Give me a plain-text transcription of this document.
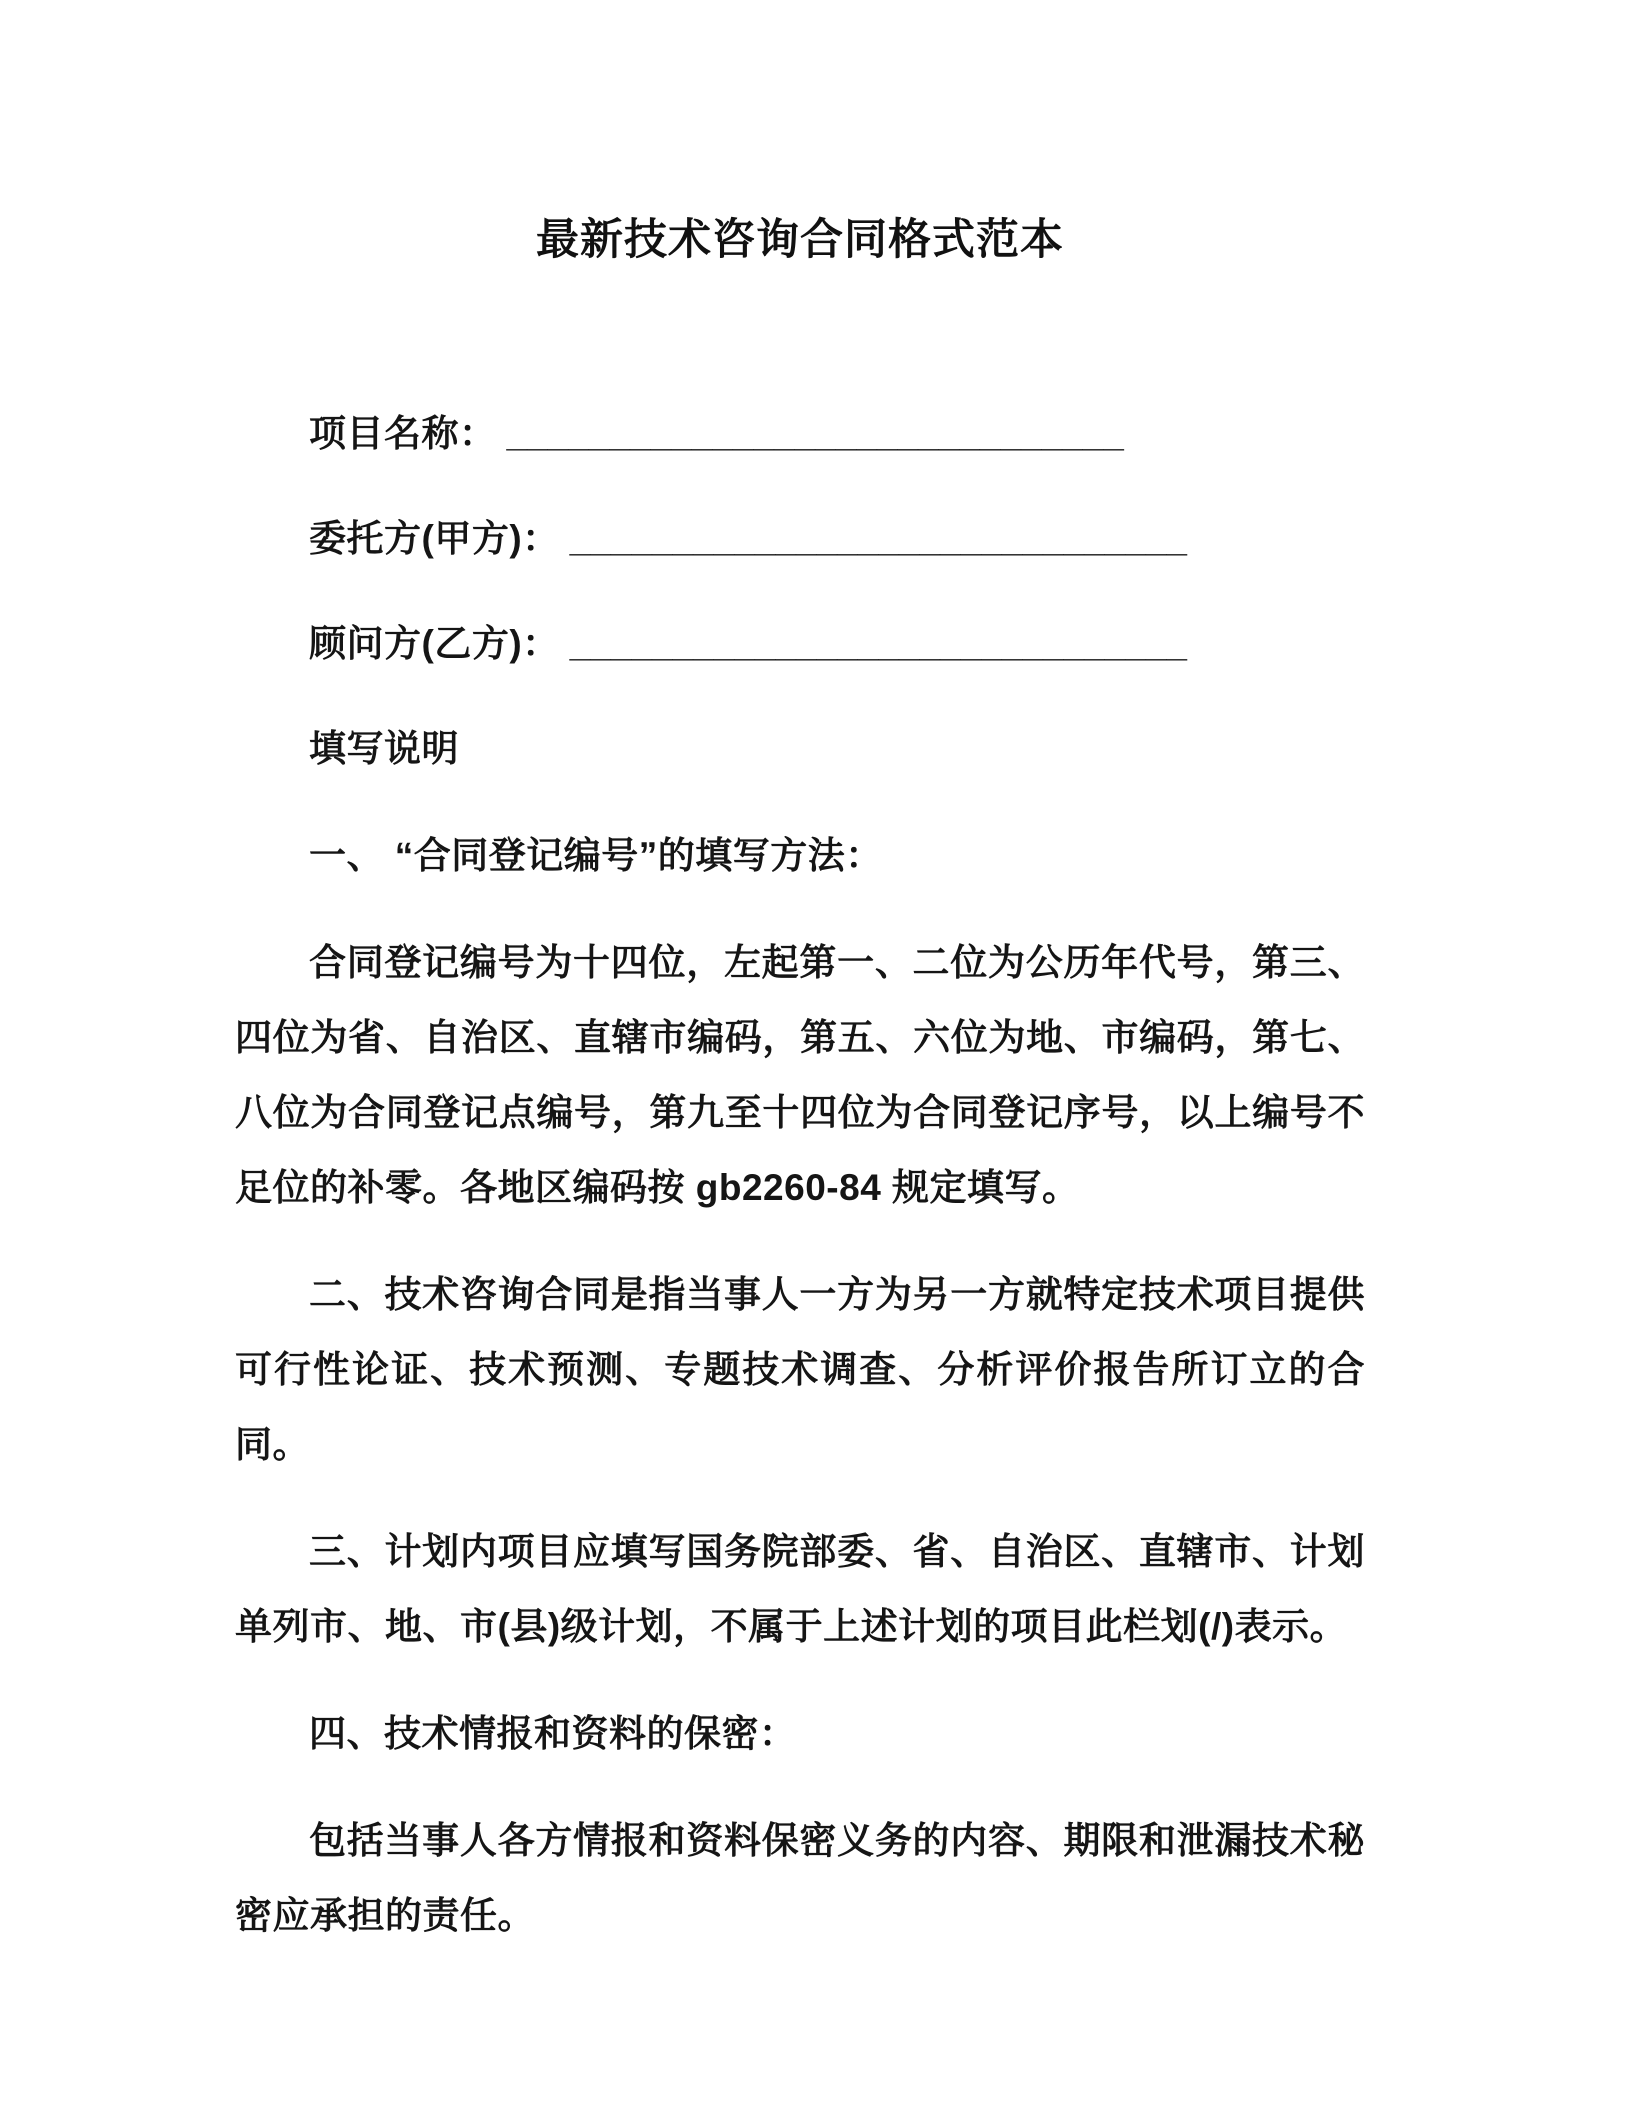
最新技术咨询合同格式范本

项目名称： ______________________________

委托方(甲方)： ______________________________

顾问方(乙方)： ______________________________

填写说明

一、 “合同登记编号”的填写方法：

合同登记编号为十四位，左起第一、二位为公历年代号，第三、四位为省、自治区、直辖市编码，第五、六位为地、市编码，第七、八位为合同登记点编号，第九至十四位为合同登记序号，以上编号不足位的补零。各地区编码按 gb2260-84 规定填写。

二、技术咨询合同是指当事人一方为另一方就特定技术项目提供可行性论证、技术预测、专题技术调查、分析评价报告所订立的合同。

三、计划内项目应填写国务院部委、省、自治区、直辖市、计划单列市、地、市(县)级计划，不属于上述计划的项目此栏划(/)表示。

四、技术情报和资料的保密：

包括当事人各方情报和资料保密义务的内容、期限和泄漏技术秘密应承担的责任。
